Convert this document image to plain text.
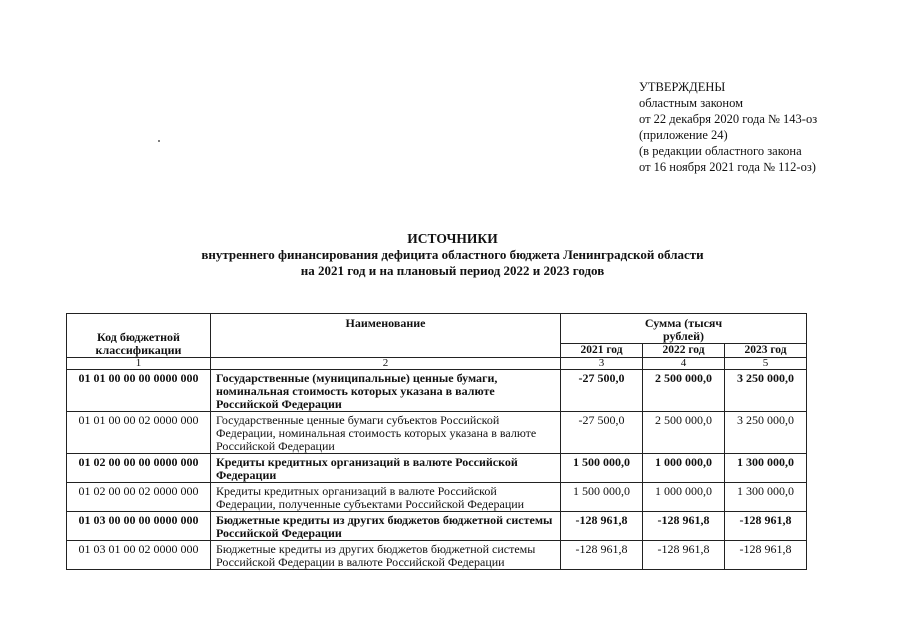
УТВЕРЖДЕНЫ
областным законом
от 22 декабря 2020 года № 143-оз
(приложение 24)
(в редакции областного закона
от 16 ноября 2021 года № 112-оз)
ИСТОЧНИКИ
внутреннего финансирования дефицита областного бюджета Ленинградской области
на 2021 год и на плановый период 2022 и 2023 годов
Код бюджетной классификации	Наименование	Сумма (тысяч рублей)		

		2021 год	2022 год	2023 год
1	2	3	4	5
01 01 00 00 00 0000 000	Государственные (муниципальные) ценные бумаги, номинальная стоимость которых указана в валюте Российской Федерации	-27 500,0	2 500 000,0	3 250 000,0
01 01 00 00 02 0000 000	Государственные ценные бумаги субъектов Российской Федерации, номинальная стоимость которых указана в валюте Российской Федерации	-27 500,0	2 500 000,0	3 250 000,0
01 02 00 00 00 0000 000	Кредиты кредитных организаций в валюте Российской Федерации	1 500 000,0	1 000 000,0	1 300 000,0
01 02 00 00 02 0000 000	Кредиты кредитных организаций в валюте Российской Федерации, полученные субъектами Российской Федерации	1 500 000,0	1 000 000,0	1 300 000,0
01 03 00 00 00 0000 000	Бюджетные кредиты из других бюджетов бюджетной системы Российской Федерации	-128 961,8	-128 961,8	-128 961,8
01 03 01 00 02 0000 000	Бюджетные кредиты из других бюджетов бюджетной системы Российской Федерации в валюте Российской Федерации	-128 961,8	-128 961,8	-128 961,8
